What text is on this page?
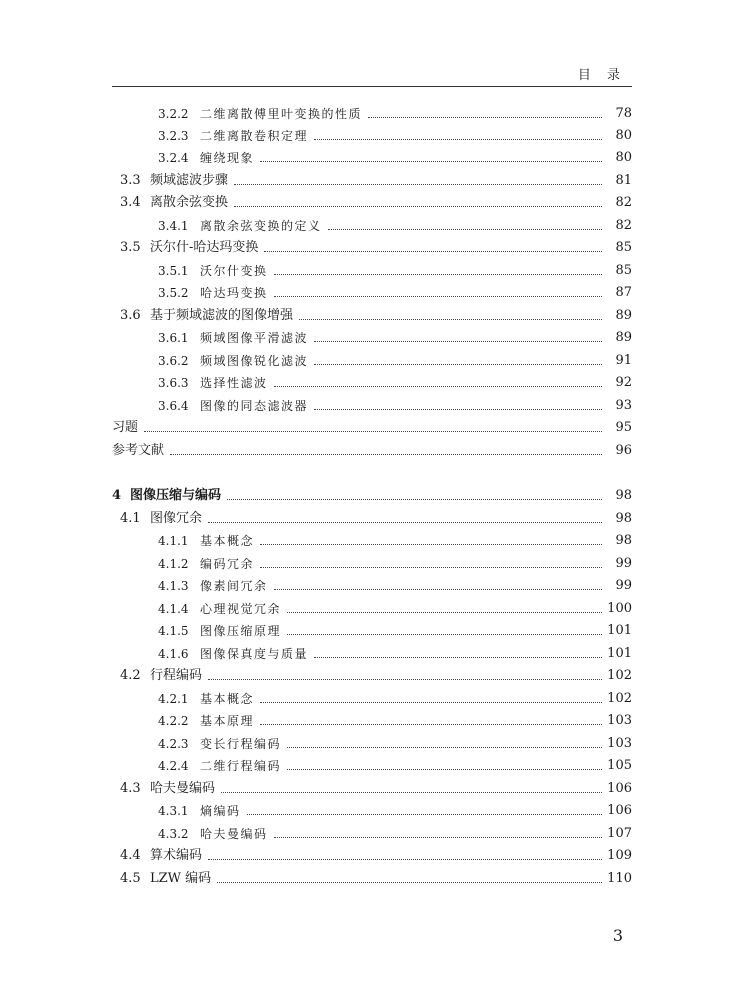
目 录
3.2.2 二维离散傅里叶变换的性质	78
3.2.3 二维离散卷积定理	80
3.2.4 缠绕现象	80
3.3 频域滤波步骤	81
3.4 离散余弦变换	82
3.4.1 离散余弦变换的定义	82
3.5 沃尔什-哈达玛变换	85
3.5.1 沃尔什变换	85
3.5.2 哈达玛变换	87
3.6 基于频域滤波的图像增强	89
3.6.1 频域图像平滑滤波	89
3.6.2 频域图像锐化滤波	91
3.6.3 选择性滤波	92
3.6.4 图像的同态滤波器	93
习题	95
参考文献	96
4 图像压缩与编码	98
4.1 图像冗余	98
4.1.1 基本概念	98
4.1.2 编码冗余	99
4.1.3 像素间冗余	99
4.1.4 心理视觉冗余	100
4.1.5 图像压缩原理	101
4.1.6 图像保真度与质量	101
4.2 行程编码	102
4.2.1 基本概念	102
4.2.2 基本原理	103
4.2.3 变长行程编码	103
4.2.4 二维行程编码	105
4.3 哈夫曼编码	106
4.3.1 熵编码	106
4.3.2 哈夫曼编码	107
4.4 算术编码	109
4.5 LZW 编码	110
3
